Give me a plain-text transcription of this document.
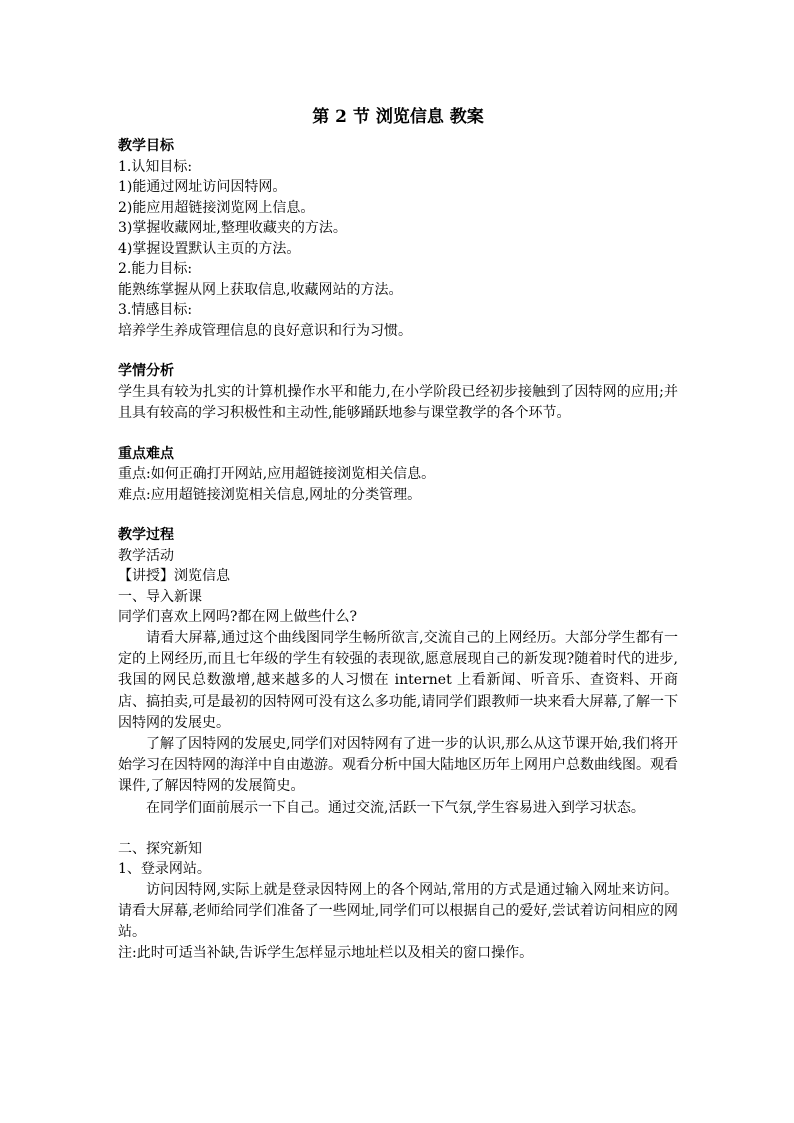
第 2 节 浏览信息 教案
教学目标
1.认知目标:
1)能通过网址访问因特网。
2)能应用超链接浏览网上信息。
3)掌握收藏网址,整理收藏夹的方法。
4)掌握设置默认主页的方法。
2.能力目标:
能熟练掌握从网上获取信息,收藏网站的方法。
3.情感目标:
培养学生养成管理信息的良好意识和行为习惯。
学情分析
学生具有较为扎实的计算机操作水平和能力,在小学阶段已经初步接触到了因特网的应用;并且具有较高的学习积极性和主动性,能够踊跃地参与课堂教学的各个环节。
重点难点
重点:如何正确打开网站,应用超链接浏览相关信息。
难点:应用超链接浏览相关信息,网址的分类管理。
教学过程
教学活动
【讲授】浏览信息
一、导入新课
同学们喜欢上网吗?都在网上做些什么?
请看大屏幕,通过这个曲线图同学生畅所欲言,交流自己的上网经历。大部分学生都有一定的上网经历,而且七年级的学生有较强的表现欲,愿意展现自己的新发现?随着时代的进步,我国的网民总数激增,越来越多的人习惯在 internet 上看新闻、听音乐、查资料、开商店、搞拍卖,可是最初的因特网可没有这么多功能,请同学们跟教师一块来看大屏幕,了解一下因特网的发展史。
了解了因特网的发展史,同学们对因特网有了进一步的认识,那么从这节课开始,我们将开始学习在因特网的海洋中自由遨游。观看分析中国大陆地区历年上网用户总数曲线图。观看课件,了解因特网的发展简史。
在同学们面前展示一下自己。通过交流,活跃一下气氛,学生容易进入到学习状态。
二、探究新知
1、登录网站。
访问因特网,实际上就是登录因特网上的各个网站,常用的方式是通过输入网址来访问。请看大屏幕,老师给同学们准备了一些网址,同学们可以根据自己的爱好,尝试着访问相应的网站。
注:此时可适当补缺,告诉学生怎样显示地址栏以及相关的窗口操作。
